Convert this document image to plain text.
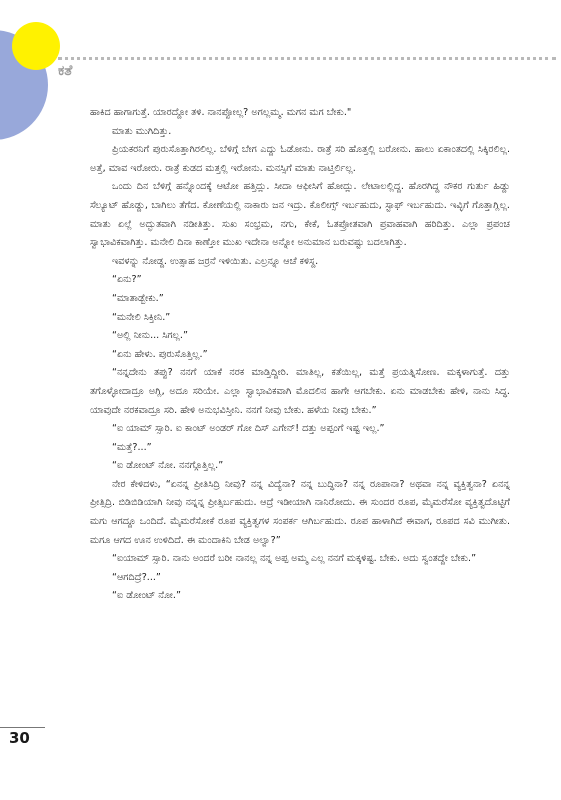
ಕತೆ

ಹಾಕಿದ ಹಾಗಾಗುತ್ತೆ. ಯಾರದ್ದೋ ತಳಿ. ನಾನಪ್ಪೋಲ್ಲ? ಅಗಲ್ಲಮ್ಮ. ಮಗನ ಮಗ ಬೇಕು."

ಮಾತು ಮುಗಿದಿತ್ತು.

ಪ್ರಿಯಕರನಿಗೆ ಪುರುಸೊತ್ತಾಗಿರಲಿಲ್ಲ. ಬೆಳಿಗ್ಗೆ ಬೇಗ ಎದ್ದು ಓಡೋನು. ರಾತ್ರೆ ಸರಿ ಹೊತ್ತಲ್ಲಿ ಬರೋನು. ಹಾಲು ಏಕಾಂತದಲ್ಲಿ ಸಿಕ್ಕಿರಲಿಲ್ಲ. ಅತ್ತೆ, ಮಾವ ಇರೋರು. ರಾತ್ರೆ ಕುಡದ ಮತ್ತಲ್ಲಿ ಇರೋನು. ಮನಸ್ಸಿಗೆ ಮಾತು ನಾಟ್ತಿರ್ಲಿಲ್ಲ.

ಒಂದು ದಿನ ಬೆಳಿಗ್ಗೆ ಹನ್ನೊಂದಕ್ಕೆ ಆಟೋ ಹತ್ತಿದ್ಲು. ಸೀದಾ ಆಫೀಸಿಗೆ ಹೋದ್ಲು. ಲೇಟಾಲಲ್ಲಿದ್ದ. ಹೊರಗಿದ್ದ ನೌಕರ ಗುರ್ತು ಹಿಡ್ದು ಸೆಲ್ಯೂಟ್ ಹೊಡ್ದು, ಬಾಗಿಲು ತೆಗೆದ. ಕೋಣೆಯಲ್ಲಿ ನಾಕಾರು ಜನ ಇದ್ರು. ಕೊಲೀಗ್ಸ್ ಇರ್ಬಹುದು, ಸ್ಟಾಫ್ ಇರ್ಬಹುದು. ಇವ್ಳಿಗೆ ಗೊತ್ತಾಗ್ಲಿಲ್ಲ. ಮಾತು ಏಲ್ಲೆ ಅದ್ಭುತವಾಗಿ ನಡೀತಿತ್ತು. ಸುಖ ಸಂಭ್ರಮ, ನಗು, ಕೇಕೆ, ಓತಪ್ರೋತವಾಗಿ ಪ್ರವಾಹವಾಗಿ ಹರಿದಿತ್ತು. ಎಲ್ಲಾ ಪ್ರಪಂಚ ಸ್ವಾಭಾವಿಕವಾಗಿತ್ತು. ಮನೇಲಿ ದಿನಾ ಕಾಣ್ತೋ ಮುಖ ಇದೇನಾ ಅನ್ನೋ ಅನುಮಾನ ಬರುವಷ್ಟು ಬದಲಾಗಿತ್ತು.

ಇವಳನ್ನು ನೋಡ್ದ. ಉತ್ಸಾಹ ಜರ್ರನೆ ಇಳಿಯಿತು. ಎಲ್ರನ್ನೂ ಆಚೆ ಕಳಿಸ್ದ.

“ಏನು?”

“ಮಾತಾಡ್ಬೇಕು.”

“ಮನೇಲಿ ಸಿಕ್ತೀನಿ.”

“ಅಲ್ಲಿ ನೀನು... ಸಿಗಲ್ಲ.”

“ಏನು ಹೇಳು. ಪುರುಸೊತ್ತಿಲ್ಲ.”

“ನನ್ನದೇನು ತಪ್ಪು? ನನಗೆ ಯಾಕೆ ನರಕ ಮಾಡ್ತಿದ್ದೀರಿ. ಮಾತಿಲ್ಲ, ಕತೆಯಿಲ್ಲ, ಮತ್ತೆ ಪ್ರಯತ್ನಿಸೋಣ. ಮಕ್ಕಳಾಗುತ್ತೆ. ದತ್ತು ತಗೊಳ್ಳೋದಾದ್ರೂ ಅಗ್ಲಿ, ಅದೂ ಸರಿಯೇ. ಎಲ್ಲಾ ಸ್ವಾಭಾವಿಕವಾಗಿ ಮೊದಲಿನ ಹಾಗೇ ಆಗಬೇಕು. ಏನು ಮಾಡಬೇಕು ಹೇಳಿ, ನಾನು ಸಿದ್ಧ. ಯಾವುದೇ ನರಕವಾದ್ರೂ ಸರಿ. ಹೇಳಿ ಅನುಭವಿಸ್ತೀನಿ. ನನಗೆ ನೀವು ಬೇಕು. ಹಳೆಯ ನೀವು ಬೇಕು.”

“ಐ ಯಾಮ್ ಸ್ಸಾರಿ. ಐ ಕಾಂಟ್ ಅಂಡರ್ ಗೋ ದಿಸ್ ಎಗೇನ್! ದತ್ತು ಅಪ್ಪಂಗೆ ಇಷ್ಟ ಇಲ್ಲ.”

“ಮತ್ತೆ?...”

“ಐ ಡೋಂಟ್ ನೋ. ನನಗ್ಗೊತ್ತಿಲ್ಲ.”

ನೇರ ಕೇಳಿದಳು, “ಏನನ್ನ ಪ್ರೀತಿಸಿದ್ರಿ ನೀವು? ನನ್ನ ವಿದ್ಯೆನಾ? ನನ್ನ ಬುದ್ಧಿನಾ? ನನ್ನ ರೂಪಾನಾ? ಅಥವಾ ನನ್ನ ವ್ಯಕ್ತಿತ್ವನಾ? ಏನನ್ನ ಪ್ರೀತ್ಸಿದ್ರಿ. ಬಿಡಿಬಿಡಿಯಾಗಿ ನೀವು ನನ್ನನ್ನ ಪ್ರೀತ್ಸಿರ್ಬಹುದು. ಆದ್ರೆ ಇಡೀಯಾಗಿ ನಾನಿರೋದು. ಈ ಸುಂದರ ರೂಪ, ಮೈಮರೆಸೋ ವ್ಯಕ್ತಿತ್ವದೊಟ್ಟಿಗೆ ಮಗು ಆಗದ್ದೂ ಒಂದಿದೆ. ಮೈಮರೆಸೋಕೆ ರೂಪ ವ್ಯಕ್ತಿತ್ವಗಳ ಸಂಪರ್ಕ ಆಗಿರ್ಬಹುದು. ರೂಪ ಹಾಳಾಗಿದೆ ಈವಾಗ, ರೂಪದ ಸವಿ ಮುಗೀತು. ಮಗೂ ಆಗದ ಊನ ಉಳಿದಿದೆ. ಈ ಮಂದಾಕಿನಿ ಬೇಡ ಅಲ್ವಾ?”

“ಐಯಾಮ್ ಸ್ಸಾರಿ. ನಾನು ಅಂದರೆ ಬರೀ ನಾನಲ್ಲ ನನ್ನ ಅಪ್ಪ ಅಮ್ಮ ಎಲ್ಲ ನನಗೆ ಮಕ್ಕಳಿಷ್ಟ. ಬೇಕು. ಅದು ಸ್ವಂತದ್ದೇ ಬೇಕು.”

“ಆಗದಿದ್ರೆ?...”

“ಐ ಡೋಂಟ್ ನೋ.”

30
